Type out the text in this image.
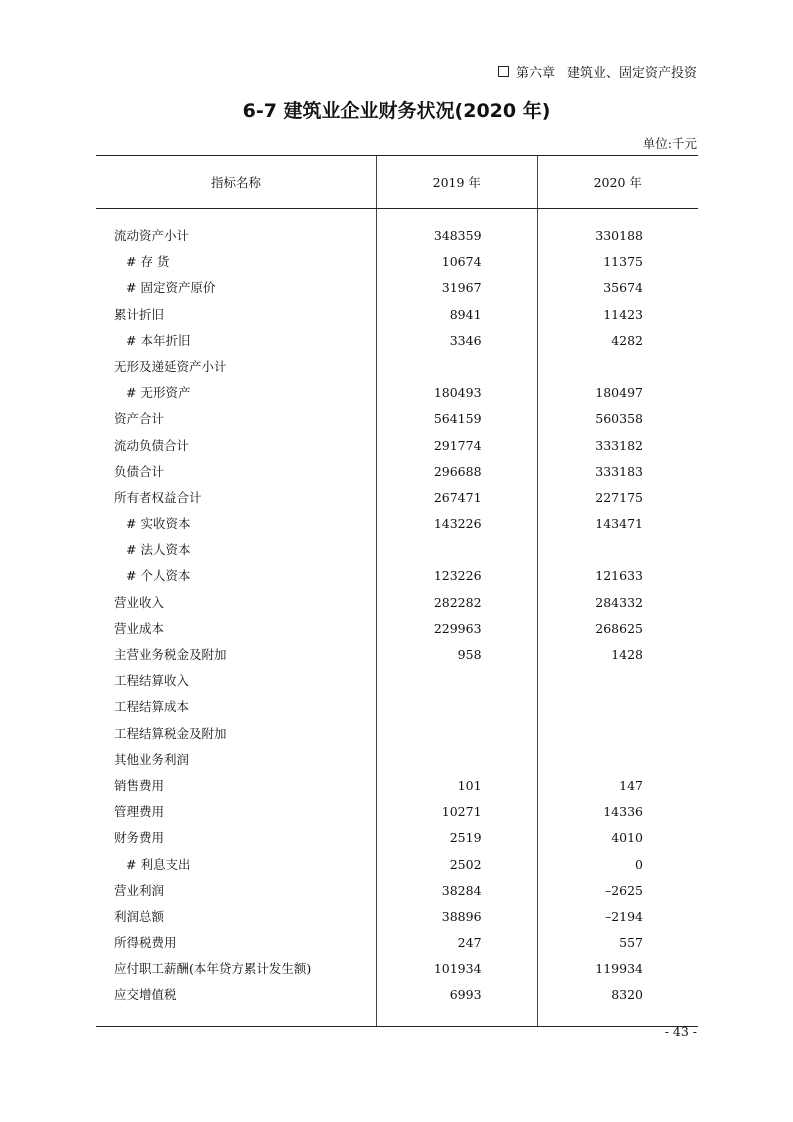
第六章 建筑业、固定资产投资
6-7 建筑业企业财务状况(2020 年)
单位:千元
指标名称	2019 年	2020 年
流动资产小计
# 存 货
# 固定资产原价
累计折旧
# 本年折旧
无形及递延资产小计
# 无形资产
资产合计
流动负债合计
负债合计
所有者权益合计
# 实收资本
# 法人资本
# 个人资本
营业收入
营业成本
主营业务税金及附加
工程结算收入
工程结算成本
工程结算税金及附加
其他业务利润
销售费用
管理费用
财务费用
# 利息支出
营业利润
利润总额
所得税费用
应付职工薪酬(本年贷方累计发生额)
应交增值税
348359
10674
31967
8941
3346
180493
564159
291774
296688
267471
143226
123226
282282
229963
958
101
10271
2519
2502
38284
38896
247
101934
6993
330188
11375
35674
11423
4282
180497
560358
333182
333183
227175
143471
121633
284332
268625
1428
147
14336
4010
0
–2625
–2194
557
119934
8320
- 43 -
